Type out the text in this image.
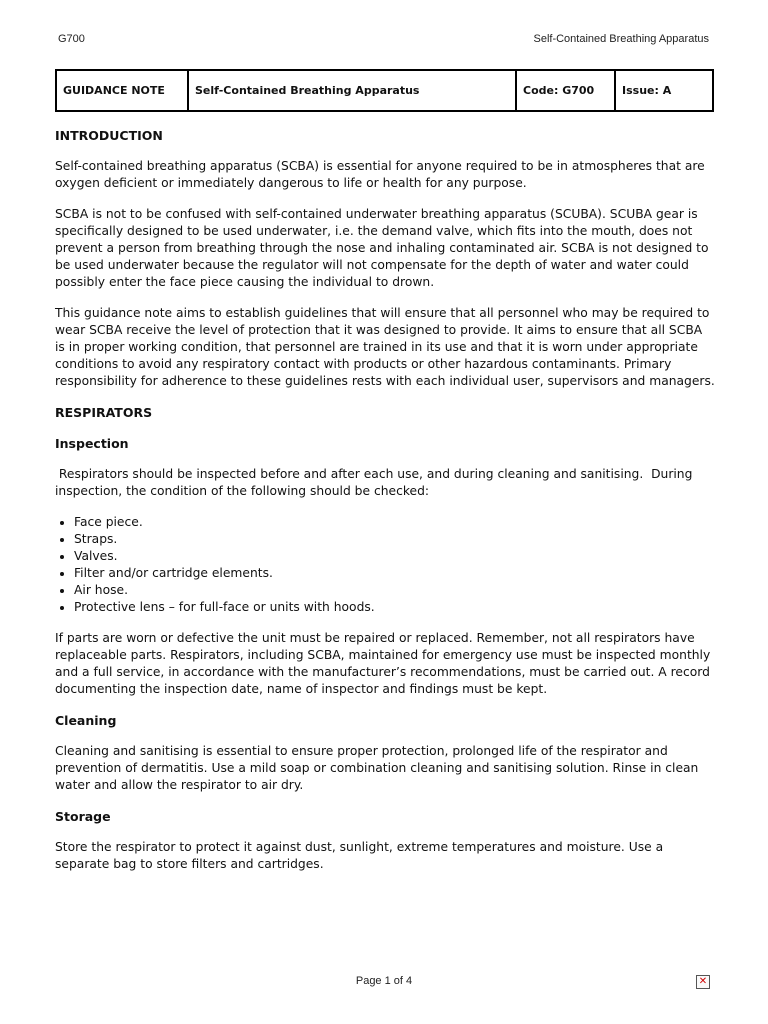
G700	Self-Contained Breathing Apparatus
GUIDANCE NOTE	Self-Contained Breathing Apparatus	Code: G700	Issue: A
INTRODUCTION

Self-contained breathing apparatus (SCBA) is essential for anyone required to be in atmospheres that are oxygen deficient or immediately dangerous to life or health for any purpose.

SCBA is not to be confused with self-contained underwater breathing apparatus (SCUBA). SCUBA gear is specifically designed to be used underwater, i.e. the demand valve, which fits into the mouth, does not prevent a person from breathing through the nose and inhaling contaminated air. SCBA is not designed to be used underwater because the regulator will not compensate for the depth of water and water could possibly enter the face piece causing the individual to drown.

This guidance note aims to establish guidelines that will ensure that all personnel who may be required to wear SCBA receive the level of protection that it was designed to provide. It aims to ensure that all SCBA is in proper working condition, that personnel are trained in its use and that it is worn under appropriate conditions to avoid any respiratory contact with products or other hazardous contaminants. Primary responsibility for adherence to these guidelines rests with each individual user, supervisors and managers.

RESPIRATORS
Inspection

Respirators should be inspected before and after each use, and during cleaning and sanitising.  During inspection, the condition of the following should be checked:

• Face piece.
• Straps.
• Valves.
• Filter and/or cartridge elements.
• Air hose.
• Protective lens – for full-face or units with hoods.

If parts are worn or defective the unit must be repaired or replaced. Remember, not all respirators have replaceable parts. Respirators, including SCBA, maintained for emergency use must be inspected monthly and a full service, in accordance with the manufacturer’s recommendations, must be carried out. A record documenting the inspection date, name of inspector and findings must be kept.

Cleaning

Cleaning and sanitising is essential to ensure proper protection, prolonged life of the respirator and prevention of dermatitis. Use a mild soap or combination cleaning and sanitising solution. Rinse in clean water and allow the respirator to air dry.

Storage

Store the respirator to protect it against dust, sunlight, extreme temperatures and moisture. Use a separate bag to store filters and cartridges.

Page 1 of 4	✕
